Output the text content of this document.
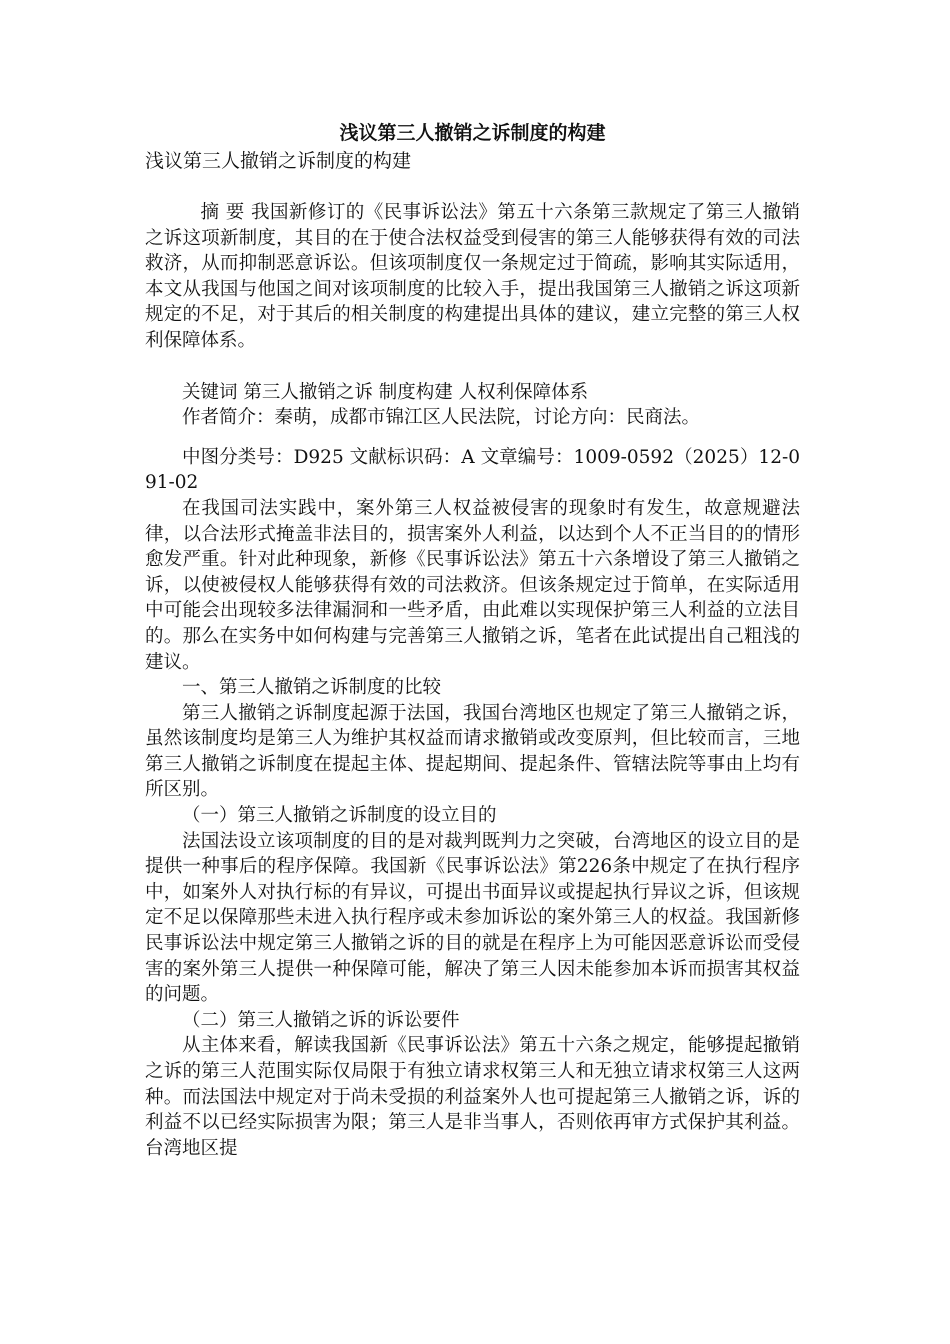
浅议第三人撤销之诉制度的构建

浅议第三人撤销之诉制度的构建

摘 要 我国新修订的《民事诉讼法》第五十六条第三款规定了第三人撤销之诉这项新制度，其目的在于使合法权益受到侵害的第三人能够获得有效的司法救济，从而抑制恶意诉讼。但该项制度仅一条规定过于简疏，影响其实际适用，本文从我国与他国之间对该项制度的比较入手，提出我国第三人撤销之诉这项新规定的不足，对于其后的相关制度的构建提出具体的建议，建立完整的第三人权利保障体系。

关键词 第三人撤销之诉 制度构建 人权利保障体系

作者简介：秦萌，成都市锦江区人民法院，讨论方向：民商法。

中图分类号：D925 文献标识码：A 文章编号：1009-0592（2025）12-091-02

在我国司法实践中，案外第三人权益被侵害的现象时有发生，故意规避法律，以合法形式掩盖非法目的，损害案外人利益，以达到个人不正当目的的情形愈发严重。针对此种现象，新修《民事诉讼法》第五十六条增设了第三人撤销之诉，以使被侵权人能够获得有效的司法救济。但该条规定过于简单，在实际适用中可能会出现较多法律漏洞和一些矛盾，由此难以实现保护第三人利益的立法目的。那么在实务中如何构建与完善第三人撤销之诉，笔者在此试提出自己粗浅的建议。

一、第三人撤销之诉制度的比较

第三人撤销之诉制度起源于法国，我国台湾地区也规定了第三人撤销之诉，虽然该制度均是第三人为维护其权益而请求撤销或改变原判，但比较而言，三地第三人撤销之诉制度在提起主体、提起期间、提起条件、管辖法院等事由上均有所区别。

（一）第三人撤销之诉制度的设立目的

法国法设立该项制度的目的是对裁判既判力之突破，台湾地区的设立目的是提供一种事后的程序保障。我国新《民事诉讼法》第226条中规定了在执行程序中，如案外人对执行标的有异议，可提出书面异议或提起执行异议之诉，但该规定不足以保障那些未进入执行程序或未参加诉讼的案外第三人的权益。我国新修民事诉讼法中规定第三人撤销之诉的目的就是在程序上为可能因恶意诉讼而受侵害的案外第三人提供一种保障可能，解决了第三人因未能参加本诉而损害其权益的问题。

（二）第三人撤销之诉的诉讼要件

从主体来看，解读我国新《民事诉讼法》第五十六条之规定，能够提起撤销之诉的第三人范围实际仅局限于有独立请求权第三人和无独立请求权第三人这两种。而法国法中规定对于尚未受损的利益案外人也可提起第三人撤销之诉，诉的利益不以已经实际损害为限；第三人是非当事人，否则依再审方式保护其利益。台湾地区提
